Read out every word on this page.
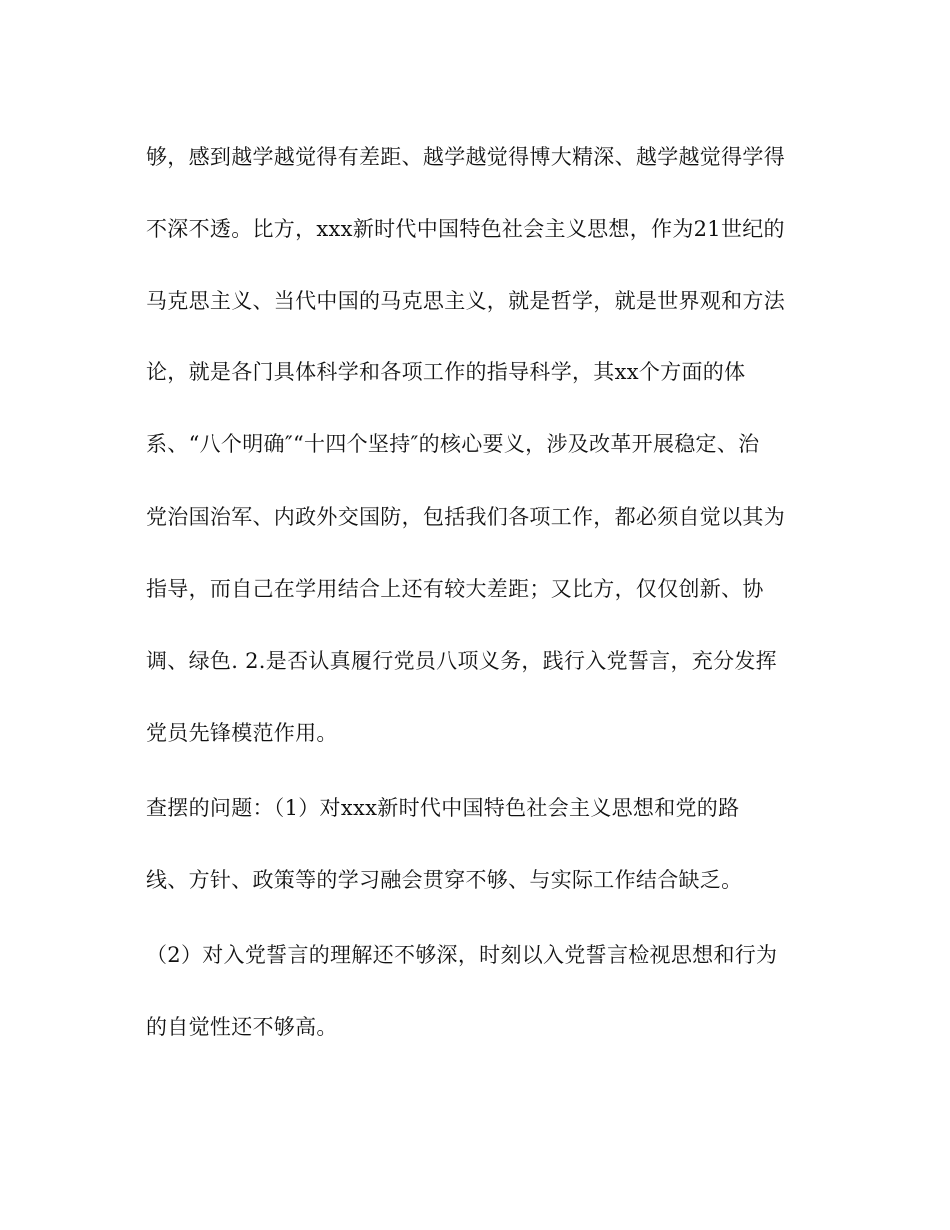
够，感到越学越觉得有差距、越学越觉得博大精深、越学越觉得学得
不深不透。比方，xxx新时代中国特色社会主义思想，作为21世纪的
马克思主义、当代中国的马克思主义，就是哲学，就是世界观和方法
论，就是各门具体科学和各项工作的指导科学，其xx个方面的体
系、“八个明确″“十四个坚持″的核心要义，涉及改革开展稳定、治
党治国治军、内政外交国防，包括我们各项工作，都必须自觉以其为
指导，而自己在学用结合上还有较大差距；又比方，仅仅创新、协
调、绿色. 2.是否认真履行党员八项义务，践行入党誓言，充分发挥
党员先锋模范作用。
查摆的问题：（1）对xxx新时代中国特色社会主义思想和党的路
线、方针、政策等的学习融会贯穿不够、与实际工作结合缺乏。
（2）对入党誓言的理解还不够深，时刻以入党誓言检视思想和行为
的自觉性还不够高。
